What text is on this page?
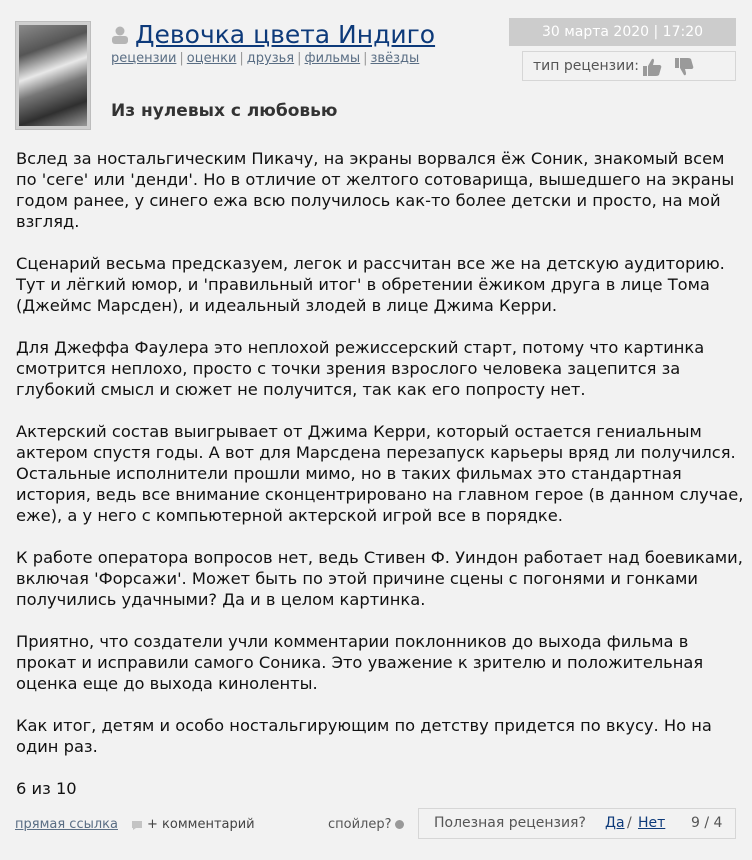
Девочка цвета Индиго
рецензии | оценки | друзья | фильмы | звёзды
30 марта 2020 | 17:20
тип рецензии:
Из нулевых с любовью

Вслед за ностальгическим Пикачу, на экраны ворвался ёж Соник, знакомый всем по 'сеге' или 'денди'. Но в отличие от желтого сотоварища, вышедшего на экраны годом ранее, у синего ежа всю получилось как-то более детски и просто, на мой взгляд.

Сценарий весьма предсказуем, легок и рассчитан все же на детскую аудиторию. Тут и лёгкий юмор, и 'правильный итог' в обретении ёжиком друга в лице Тома (Джеймс Марсден), и идеальный злодей в лице Джима Керри.

Для Джеффа Фаулера это неплохой режиссерский старт, потому что картинка смотрится неплохо, просто с точки зрения взрослого человека зацепится за глубокий смысл и сюжет не получится, так как его попросту нет.

Актерский состав выигрывает от Джима Керри, который остается гениальным актером спустя годы. А вот для Марсдена перезапуск карьеры вряд ли получился. Остальные исполнители прошли мимо, но в таких фильмах это стандартная история, ведь все внимание сконцентрировано на главном герое (в данном случае, еже), а у него с компьютерной актерской игрой все в порядке.

К работе оператора вопросов нет, ведь Стивен Ф. Уиндон работает над боевиками, включая 'Форсажи'. Может быть по этой причине сцены с погонями и гонками получились удачными? Да и в целом картинка.

Приятно, что создатели учли комментарии поклонников до выхода фильма в прокат и исправили самого Соника. Это уважение к зрителю и положительная оценка еще до выхода киноленты.

Как итог, детям и особо ностальгирующим по детству придется по вкусу. Но на один раз.

6 из 10

прямая ссылка + комментарий	спойлер?	Полезная рецензия? Да / Нет 9 / 4
